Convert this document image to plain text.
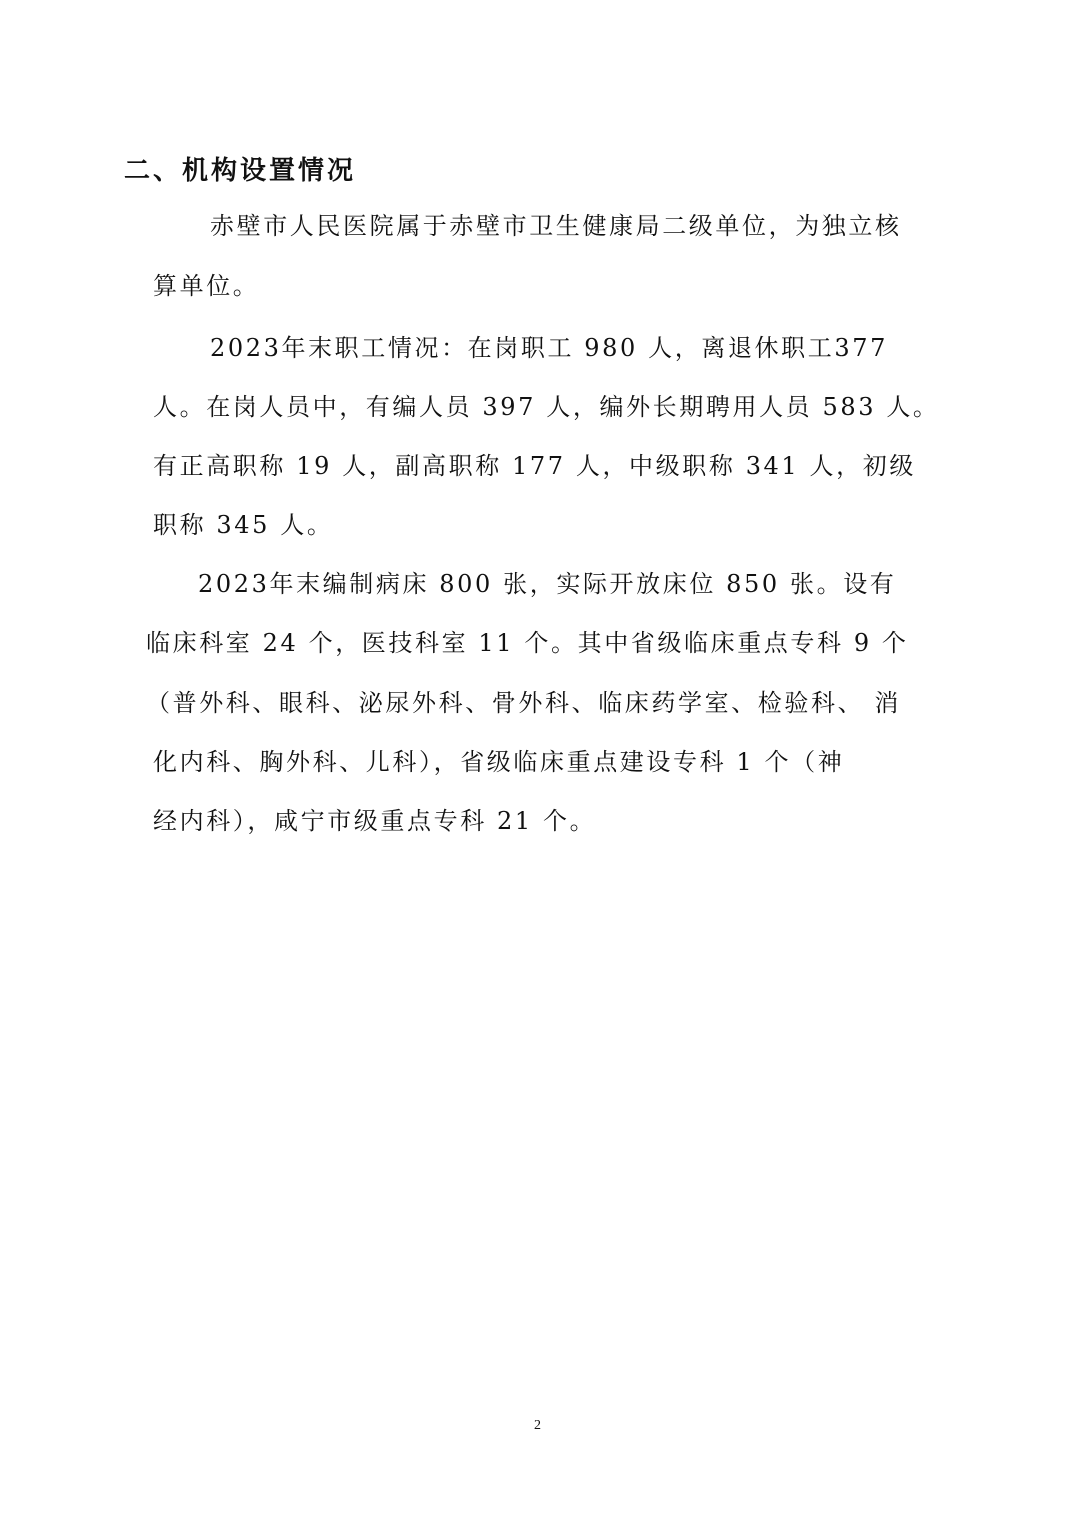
二、机构设置情况
赤壁市人民医院属于赤壁市卫生健康局二级单位，为独立核
算单位。
2023年末职工情况：在岗职工 980 人，离退休职工377
人。在岗人员中，有编人员 397 人，编外长期聘用人员 583 人。
有正高职称 19 人，副高职称 177 人，中级职称 341 人，初级
职称 345 人。
2023年末编制病床 800 张，实际开放床位 850 张。设有
临床科室 24 个，医技科室 11 个。其中省级临床重点专科 9 个
（普外科、眼科、泌尿外科、骨外科、临床药学室、检验科、 消
化内科、胸外科、儿科），省级临床重点建设专科 1 个（神
经内科），咸宁市级重点专科 21 个。
2
